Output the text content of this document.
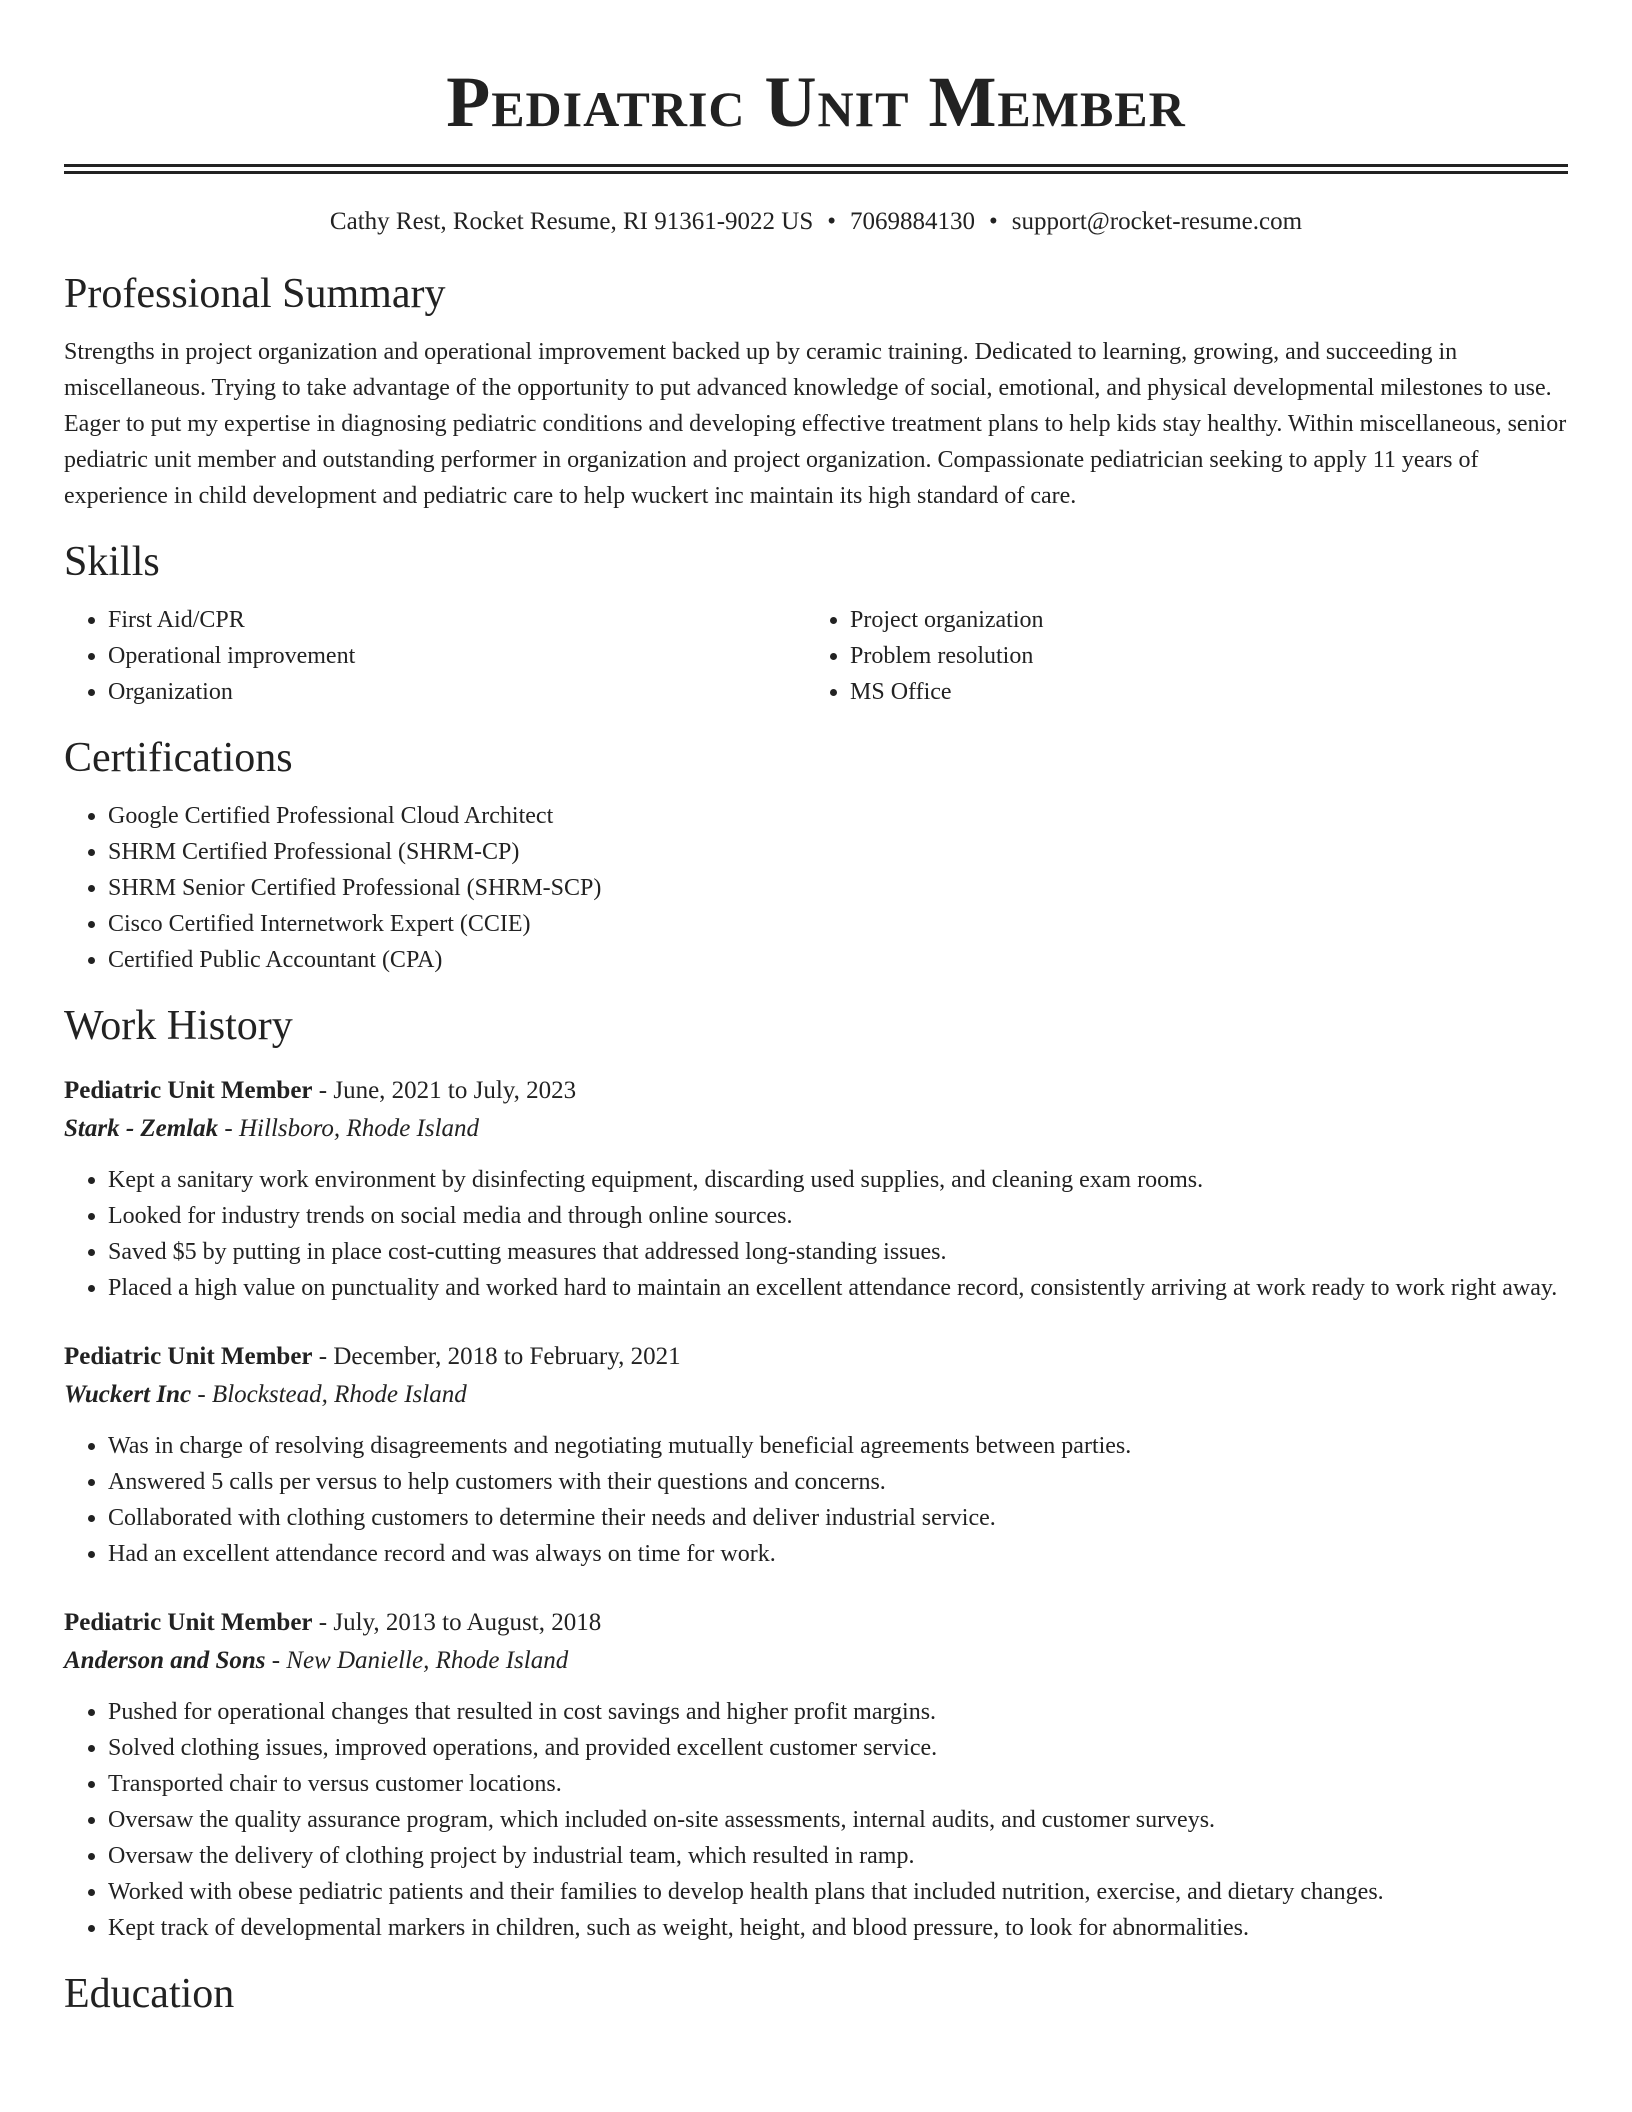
Pediatric Unit Member
Cathy Rest, Rocket Resume, RI 91361-9022 US • 7069884130 • support@rocket-resume.com
Professional Summary
Strengths in project organization and operational improvement backed up by ceramic training. Dedicated to learning, growing, and succeeding in miscellaneous. Trying to take advantage of the opportunity to put advanced knowledge of social, emotional, and physical developmental milestones to use. Eager to put my expertise in diagnosing pediatric conditions and developing effective treatment plans to help kids stay healthy. Within miscellaneous, senior pediatric unit member and outstanding performer in organization and project organization. Compassionate pediatrician seeking to apply 11 years of experience in child development and pediatric care to help wuckert inc maintain its high standard of care.
Skills
• First Aid/CPR
• Operational improvement
• Organization
• Project organization
• Problem resolution
• MS Office
Certifications
• Google Certified Professional Cloud Architect
• SHRM Certified Professional (SHRM-CP)
• SHRM Senior Certified Professional (SHRM-SCP)
• Cisco Certified Internetwork Expert (CCIE)
• Certified Public Accountant (CPA)
Work History
Pediatric Unit Member - June, 2021 to July, 2023
Stark - Zemlak - Hillsboro, Rhode Island
• Kept a sanitary work environment by disinfecting equipment, discarding used supplies, and cleaning exam rooms.
• Looked for industry trends on social media and through online sources.
• Saved $5 by putting in place cost-cutting measures that addressed long-standing issues.
• Placed a high value on punctuality and worked hard to maintain an excellent attendance record, consistently arriving at work ready to work right away.
Pediatric Unit Member - December, 2018 to February, 2021
Wuckert Inc - Blockstead, Rhode Island
• Was in charge of resolving disagreements and negotiating mutually beneficial agreements between parties.
• Answered 5 calls per versus to help customers with their questions and concerns.
• Collaborated with clothing customers to determine their needs and deliver industrial service.
• Had an excellent attendance record and was always on time for work.
Pediatric Unit Member - July, 2013 to August, 2018
Anderson and Sons - New Danielle, Rhode Island
• Pushed for operational changes that resulted in cost savings and higher profit margins.
• Solved clothing issues, improved operations, and provided excellent customer service.
• Transported chair to versus customer locations.
• Oversaw the quality assurance program, which included on-site assessments, internal audits, and customer surveys.
• Oversaw the delivery of clothing project by industrial team, which resulted in ramp.
• Worked with obese pediatric patients and their families to develop health plans that included nutrition, exercise, and dietary changes.
• Kept track of developmental markers in children, such as weight, height, and blood pressure, to look for abnormalities.
Education
